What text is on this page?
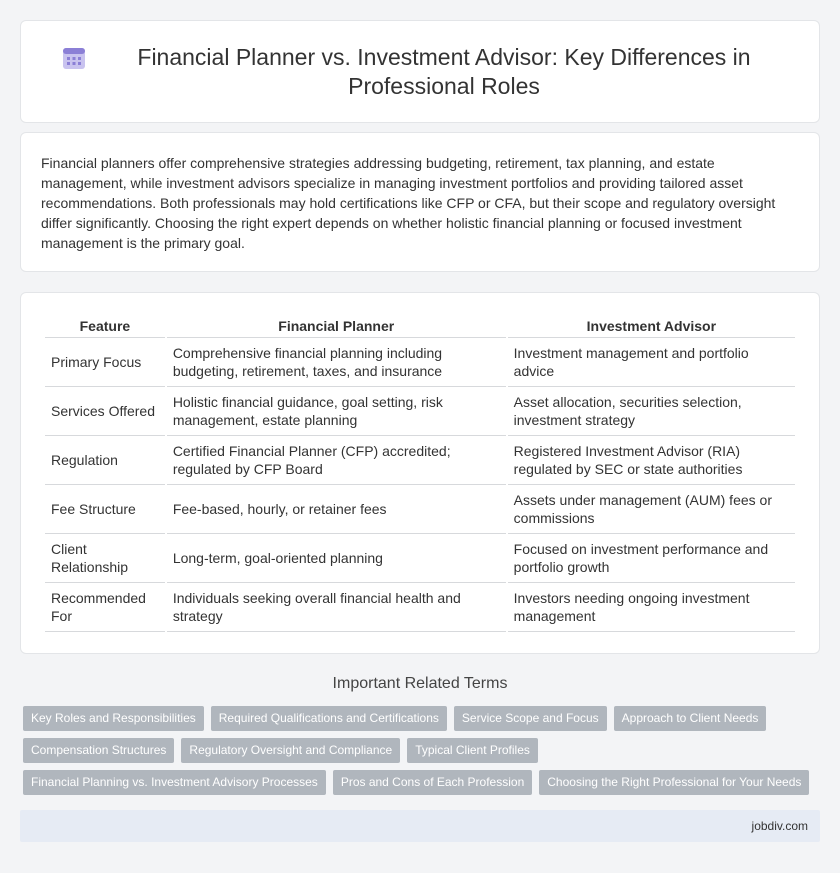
Financial Planner vs. Investment Advisor: Key Differences in Professional Roles

Financial planners offer comprehensive strategies addressing budgeting, retirement, tax planning, and estate management, while investment advisors specialize in managing investment portfolios and providing tailored asset recommendations. Both professionals may hold certifications like CFP or CFA, but their scope and regulatory oversight differ significantly. Choosing the right expert depends on whether holistic financial planning or focused investment management is the primary goal.

Feature	Financial Planner	Investment Advisor
Primary Focus	Comprehensive financial planning including budgeting, retirement, taxes, and insurance	Investment management and portfolio advice
Services Offered	Holistic financial guidance, goal setting, risk management, estate planning	Asset allocation, securities selection, investment strategy
Regulation	Certified Financial Planner (CFP) accredited; regulated by CFP Board	Registered Investment Advisor (RIA) regulated by SEC or state authorities
Fee Structure	Fee-based, hourly, or retainer fees	Assets under management (AUM) fees or commissions
Client Relationship	Long-term, goal-oriented planning	Focused on investment performance and portfolio growth
Recommended For	Individuals seeking overall financial health and strategy	Investors needing ongoing investment management
Important Related Terms
Key Roles and Responsibilities	Required Qualifications and Certifications	Service Scope and Focus	Approach to Client Needs
Compensation Structures	Regulatory Oversight and Compliance	Typical Client Profiles
Financial Planning vs. Investment Advisory Processes	Pros and Cons of Each Profession	Choosing the Right Professional for Your Needs
jobdiv.com
